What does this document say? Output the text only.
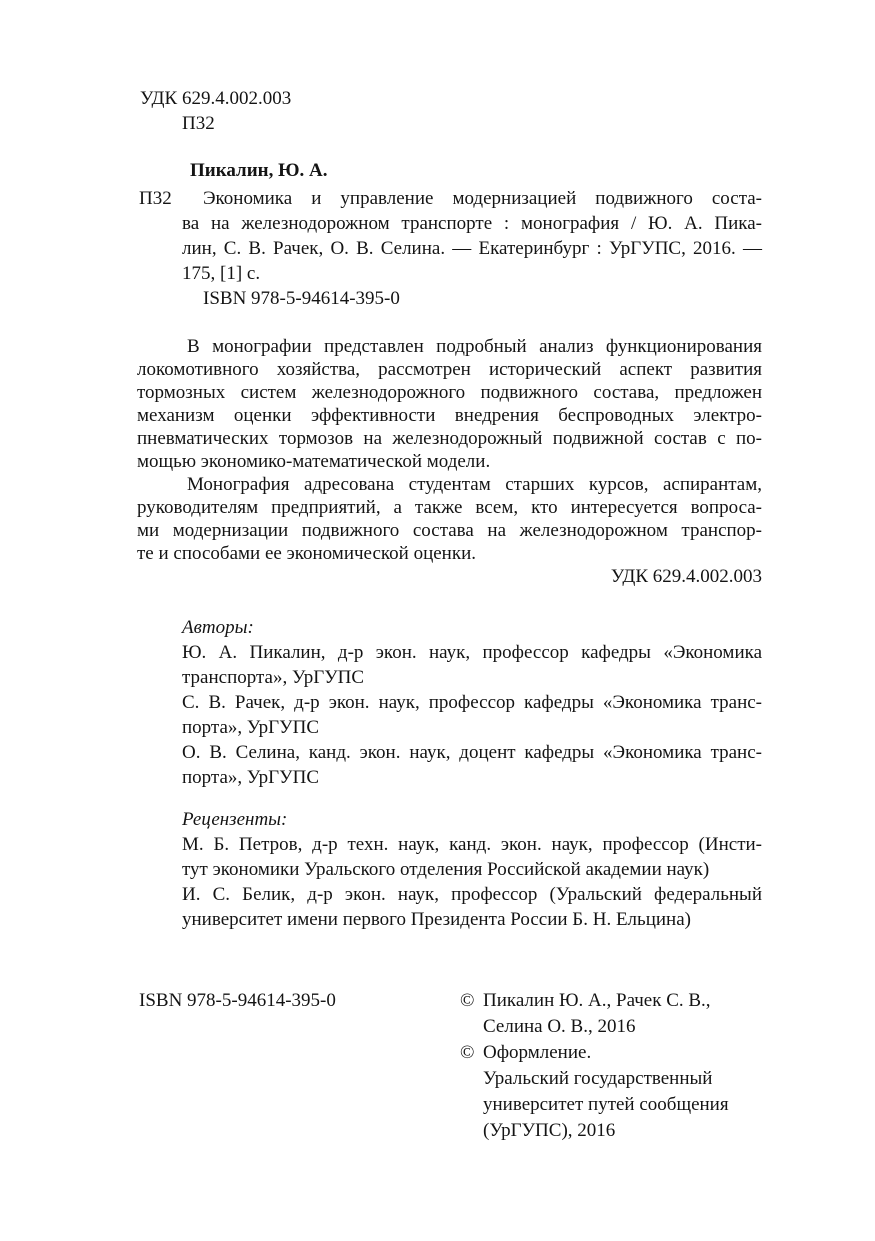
УДК 629.4.002.003
П32
Пикалин, Ю. А.
П32	Экономика и управление модернизацией подвижного соста-
ва на железнодорожном транспорте : монография / Ю. А. Пика-
лин, С. В. Рачек, О. В. Селина. — Екатеринбург : УрГУПС, 2016. —
175, [1] с.
ISBN 978-5-94614-395-0
В монографии представлен подробный анализ функционирования
локомотивного хозяйства, рассмотрен исторический аспект развития
тормозных систем железнодорожного подвижного состава, предложен
механизм оценки эффективности внедрения беспроводных электро-
пневматических тормозов на железнодорожный подвижной состав с по-
мощью экономико-математической модели.
Монография адресована студентам старших курсов, аспирантам,
руководителям предприятий, а также всем, кто интересуется вопроса-
ми модернизации подвижного состава на железнодорожном транспор-
те и способами ее экономической оценки.
УДК 629.4.002.003
Авторы:
Ю. А. Пикалин, д-р экон. наук, профессор кафедры «Экономика
транспорта», УрГУПС
С. В. Рачек, д-р экон. наук, профессор кафедры «Экономика транс-
порта», УрГУПС
О. В. Селина, канд. экон. наук, доцент кафедры «Экономика транс-
порта», УрГУПС
Рецензенты:
М. Б. Петров, д-р техн. наук, канд. экон. наук, профессор (Инсти-
тут экономики Уральского отделения Российской академии наук)
И. С. Белик, д-р экон. наук, профессор (Уральский федеральный
университет имени первого Президента России Б. Н. Ельцина)
ISBN 978-5-94614-395-0	© Пикалин Ю. А., Рачек С. В.,
Селина О. В., 2016
© Оформление.
Уральский государственный
университет путей сообщения
(УрГУПС), 2016
